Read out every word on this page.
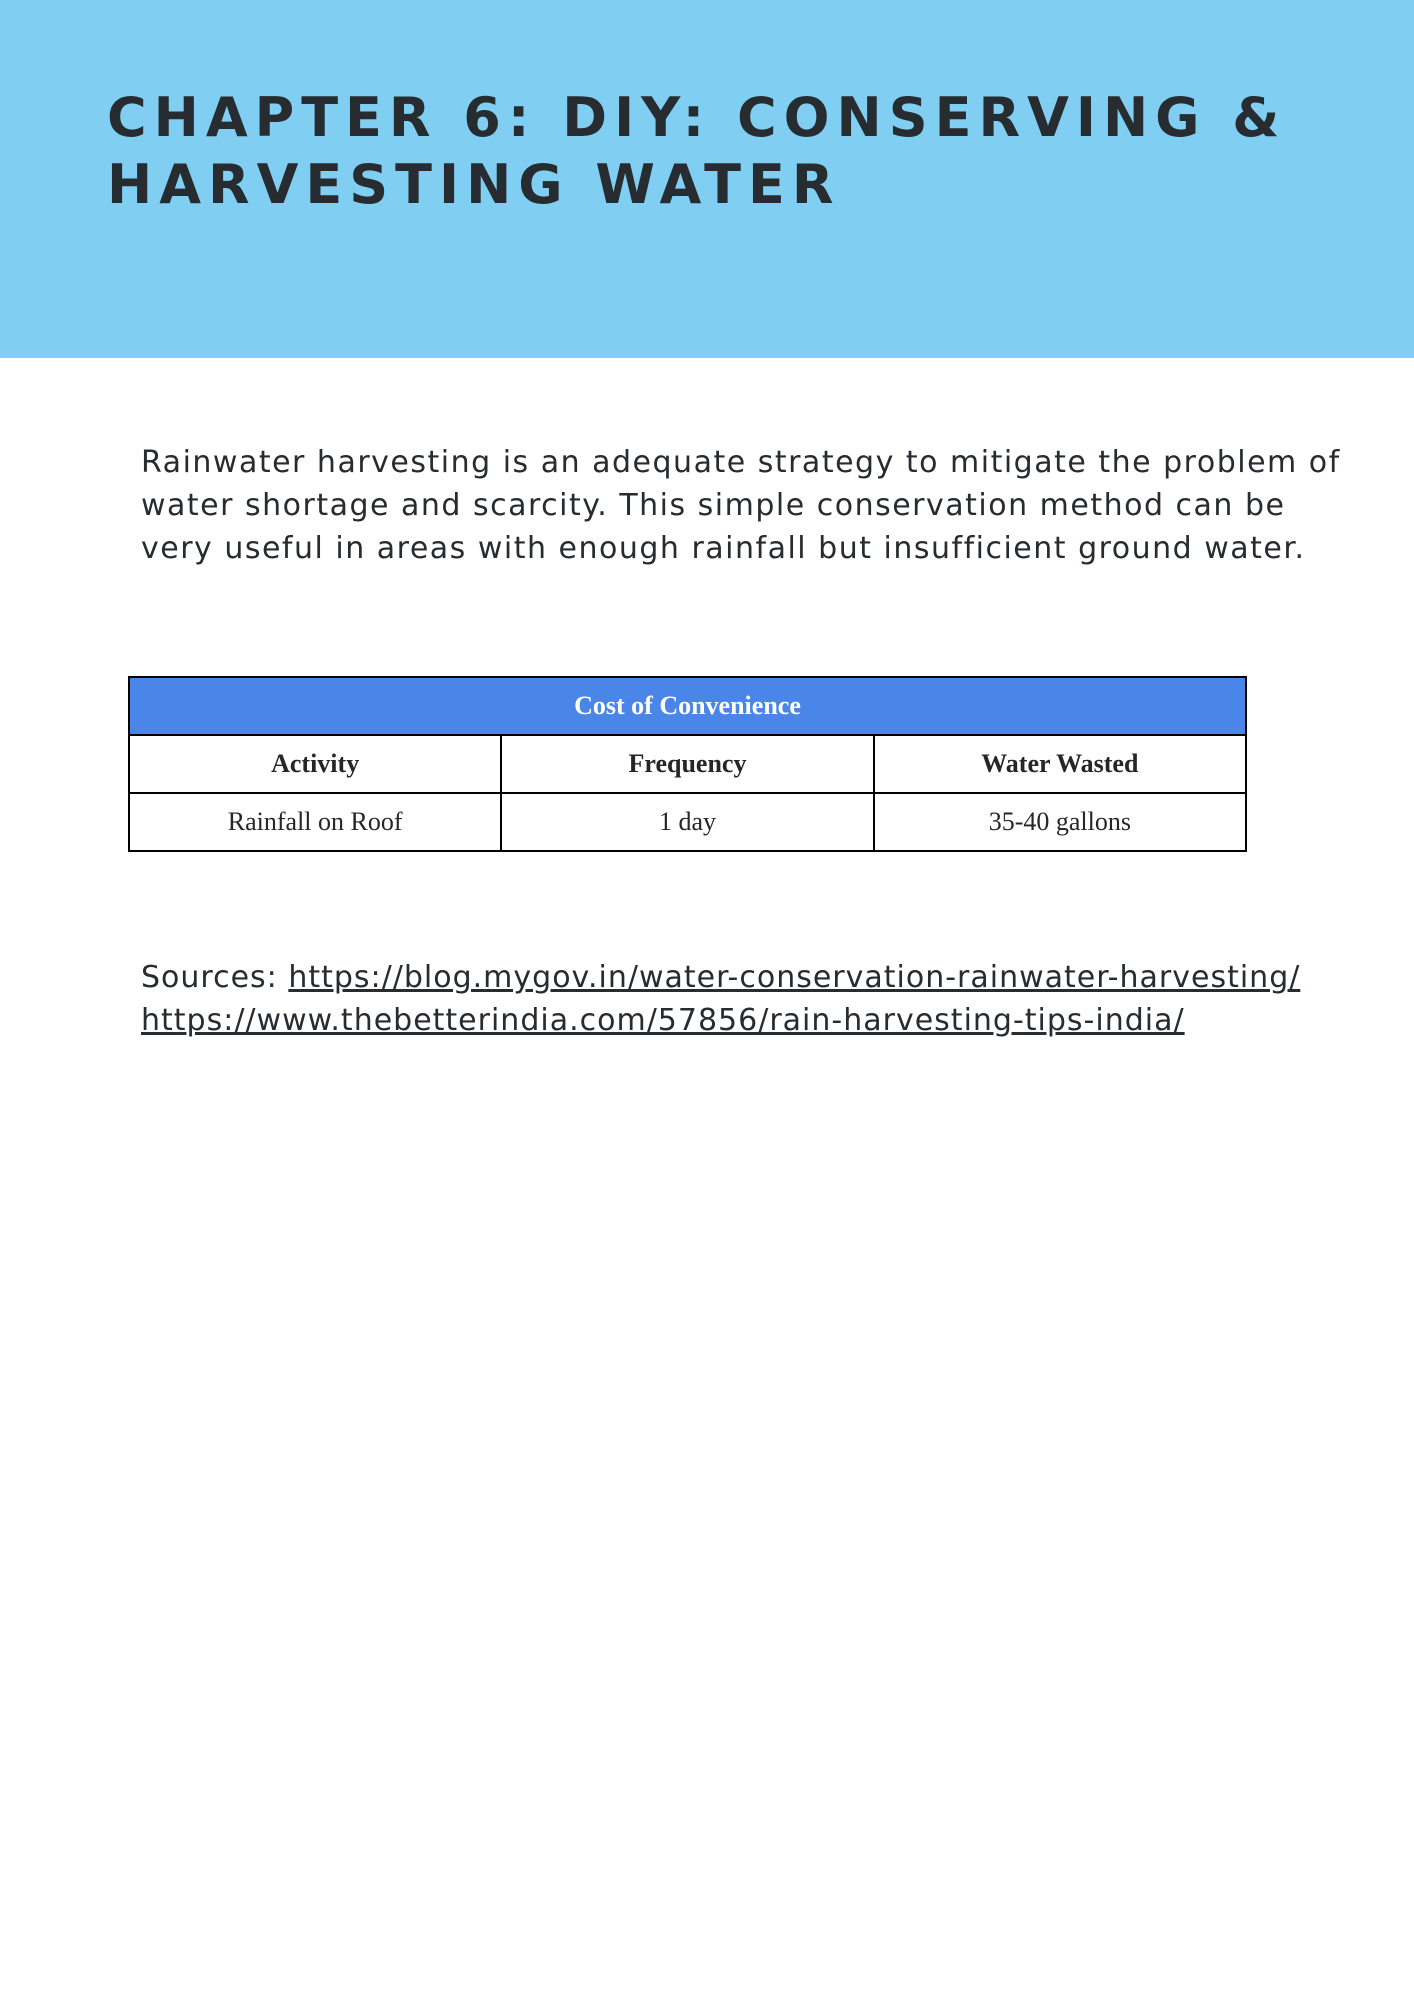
CHAPTER 6: DIY: CONSERVING &
HARVESTING WATER

Rainwater harvesting is an adequate strategy to mitigate the problem of
water shortage and scarcity. This simple conservation method can be
very useful in areas with enough rainfall but insufficient ground water.

Cost of Convenience		
Activity	Frequency	Water Wasted
Rainfall on Roof	1 day	35-40 gallons

Sources: https://blog.mygov.in/water-conservation-rainwater-harvesting/
https://www.thebetterindia.com/57856/rain-harvesting-tips-india/
